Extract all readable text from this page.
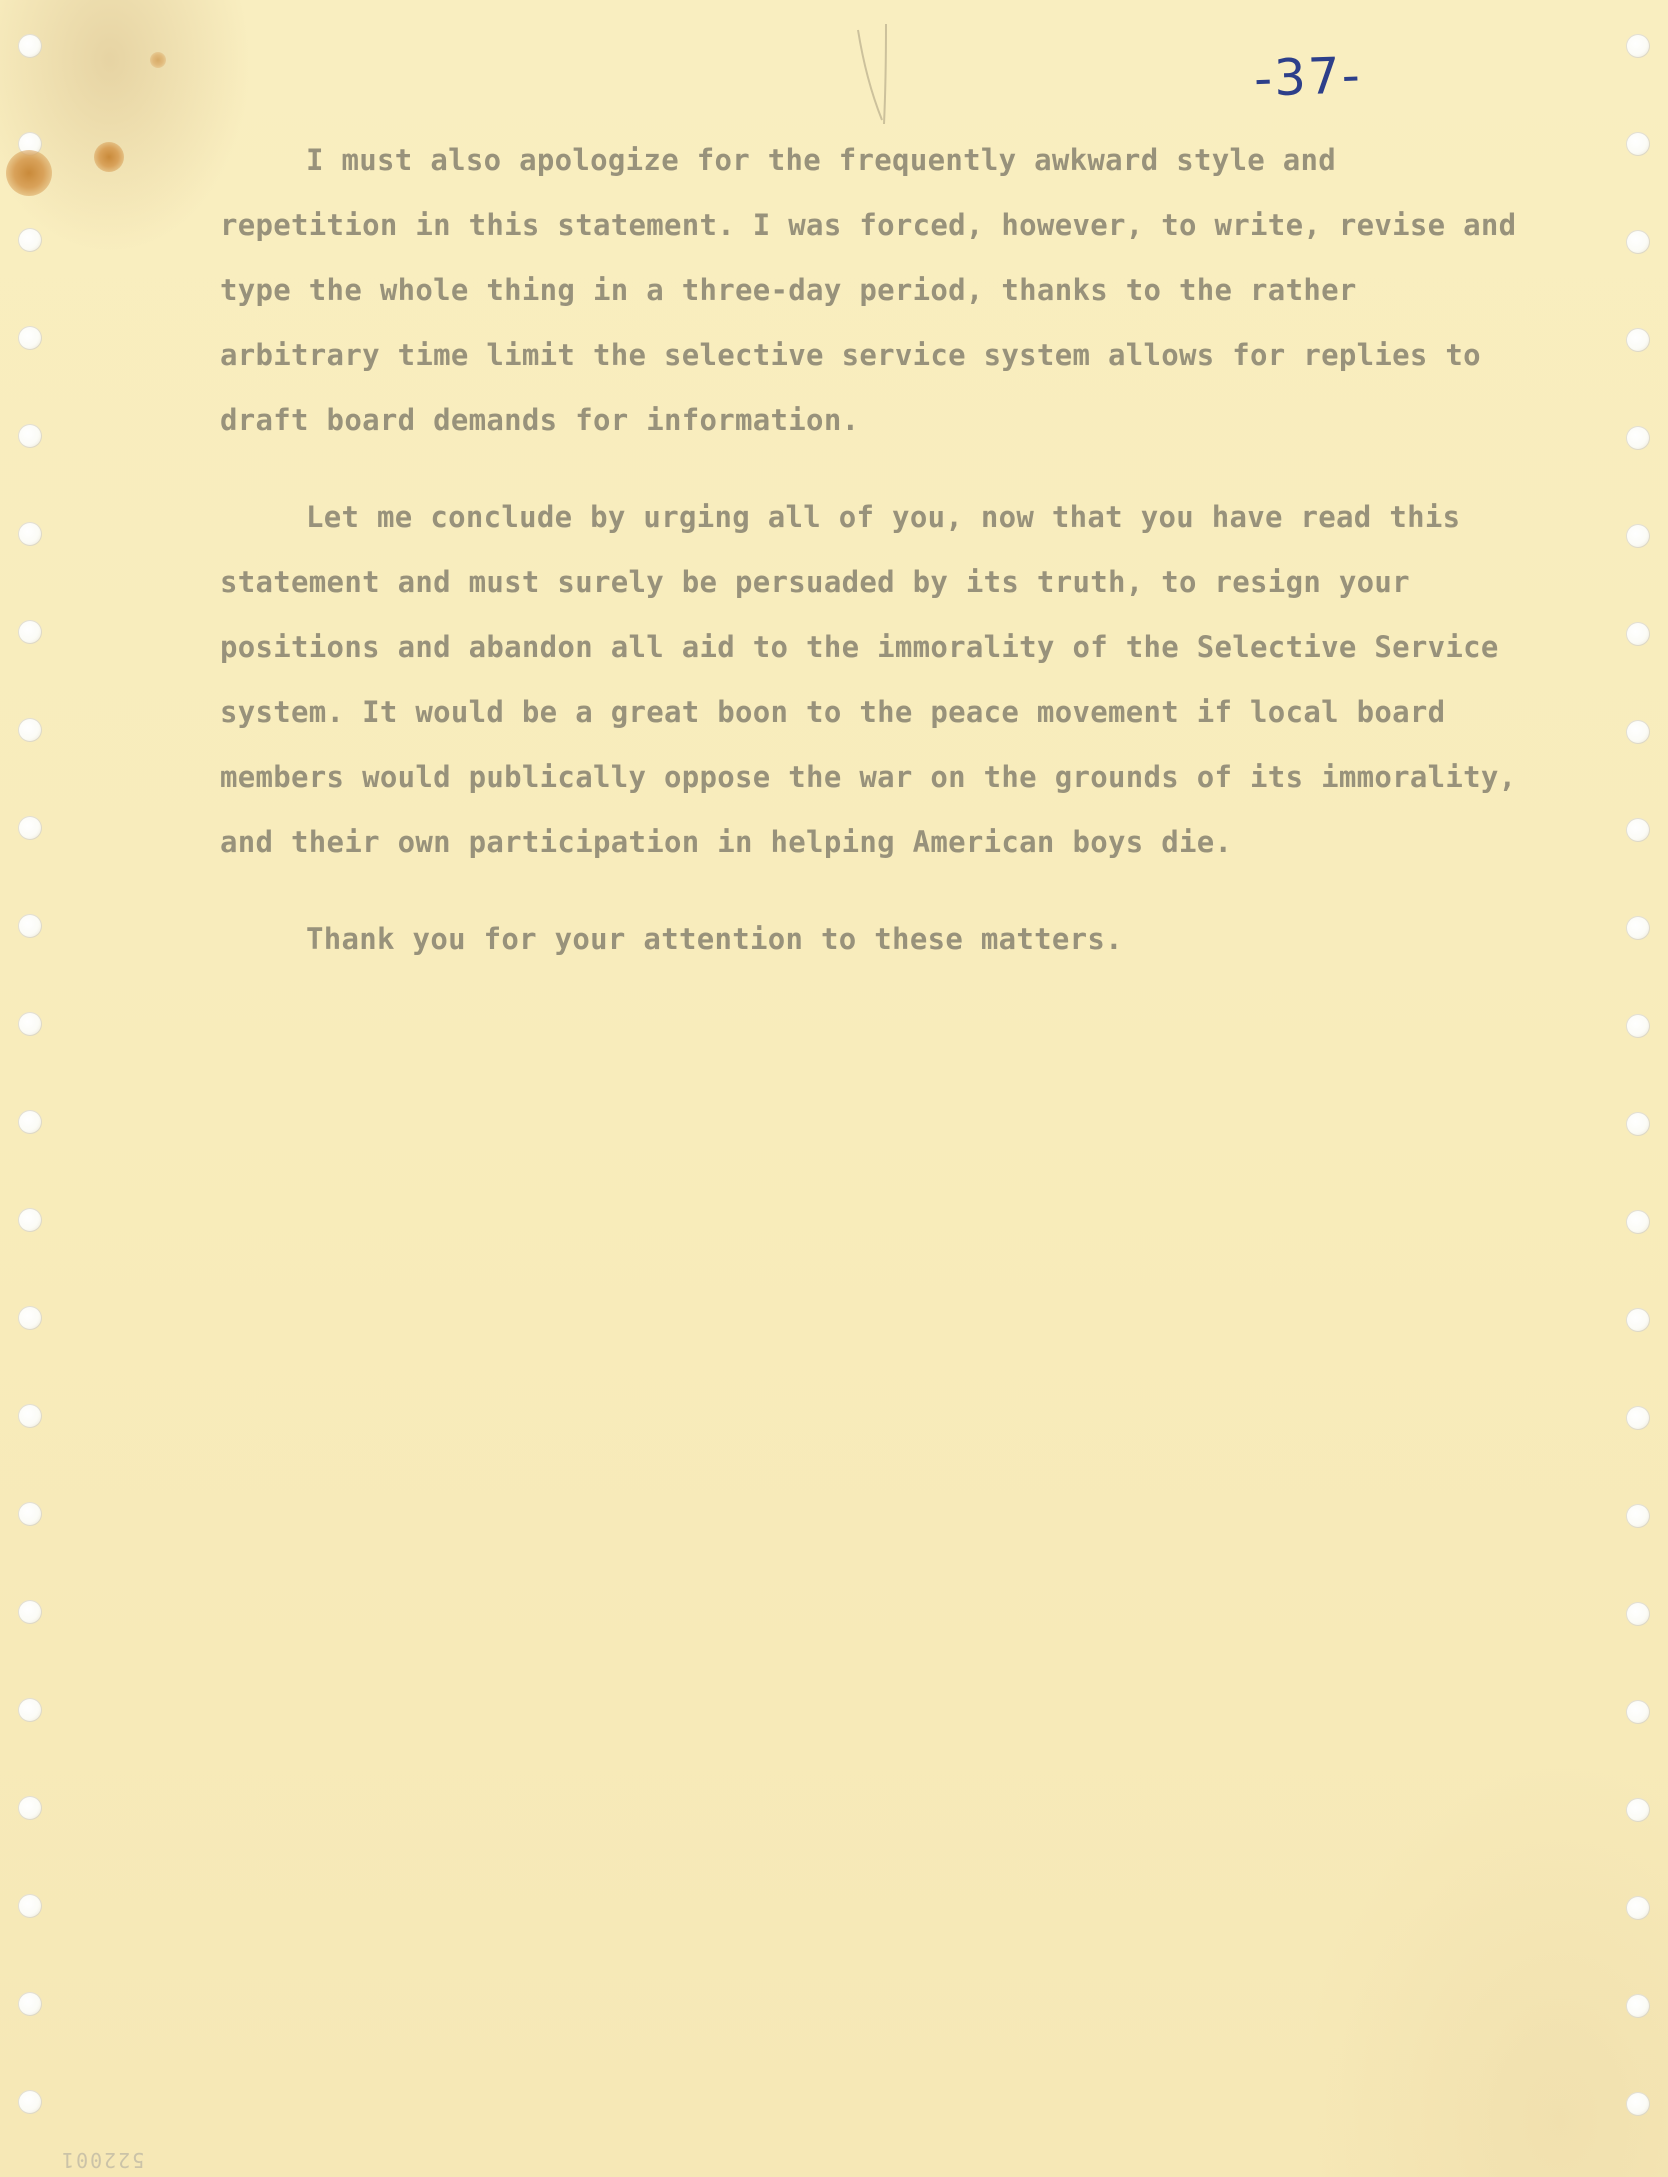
-37-

I must also apologize for the frequently awkward style and repetition in this statement. I was forced, however, to write, revise and type the whole thing in a three-day period, thanks to the rather arbitrary time limit the selective service system allows for replies to draft board demands for information.

Let me conclude by urging all of you, now that you have read this statement and must surely be persuaded by its truth, to resign your positions and abandon all aid to the immorality of the Selective Service system. It would be a great boon to the peace movement if local board members would publically oppose the war on the grounds of its immorality, and their own participation in helping American boys die.

Thank you for your attention to these matters.

522001
